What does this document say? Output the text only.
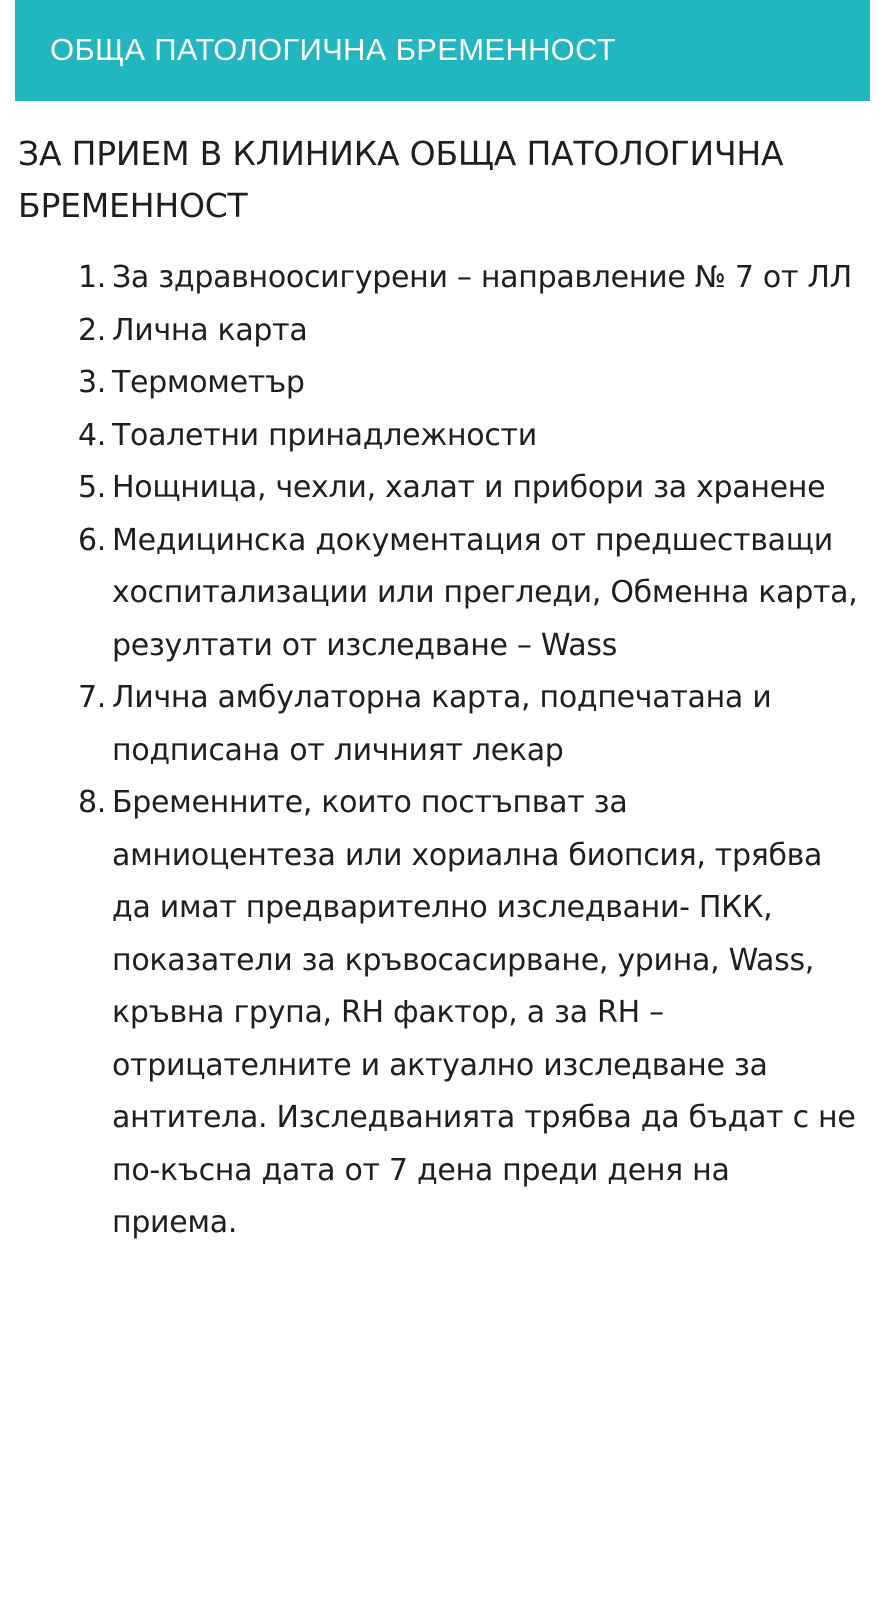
ОБЩА ПАТОЛОГИЧНА БРЕМЕННОСТ
ЗА ПРИЕМ В КЛИНИКА ОБЩА ПАТОЛОГИЧНА БРЕМЕННОСТ
1. За здравноосигурени – направление № 7 от ЛЛ
2. Лична карта
3. Термометър
4. Тоалетни принадлежности
5. Нощница, чехли, халат и прибори за хранене
6. Медицинска документация от предшестващи хоспитализации или прегледи, Обменна карта, резултати от изследване – Wass
7. Лична амбулаторна карта, подпечатана и подписана от личният лекар
8. Бременните, които постъпват за амниоцентеза или хориална биопсия, трябва да имат предварително изследвани- ПКК, показатели за кръвосасирване, урина, Wass, кръвна група, RH фактор, а за RH –отрицателните и актуално изследване за антитела. Изследванията трябва да бъдат с не по-късна дата от 7 дена преди деня на приема.
